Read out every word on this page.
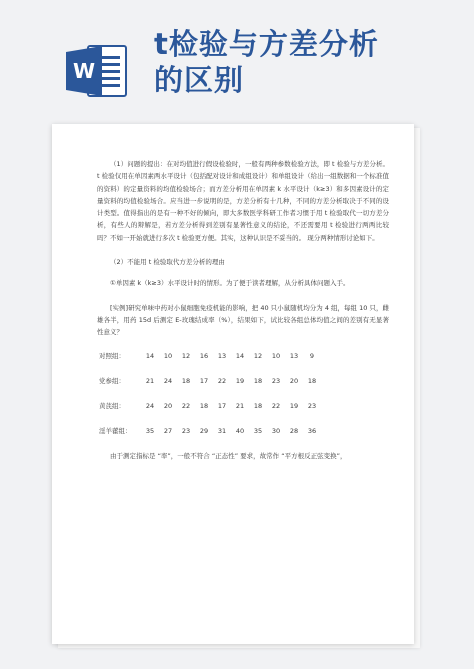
W
t检验与方差分析
的区别

（1）问题的提出：在对均值进行假设检验时，一般有两种参数检验方法，即 t 检验与方差分析。t 检验仅用在单因素两水平设计（包括配对设计和成组设计）和单组设计（给出一组数据和一个标准值的资料）的定量资料的均值检验场合；而方差分析用在单因素 k 水平设计（k≥3）和多因素设计的定量资料的均值检验场合。应当进一步说明的是，方差分析有十几种，不同的方差分析取决于不同的设计类型。值得指出的是有一种不好的倾向，即大多数医学科研工作者习惯于用 t 检验取代一切方差分析，有些人的辩解是，若方差分析得到差别有显著性意义的结论，不还需要用 t 检验进行两两比较吗？不如一开始就进行多次 t 检验更方便。其实，这种认识是不妥当的。 现分两种情形讨论如下。

（2）不能用 t 检验取代方差分析的理由

①单因素 k（k≥3）水平设计时的情形。为了便于读者理解，从分析具体问题入手。

[实例]研究单味中药对小鼠细胞免疫机能的影响，把 40 只小鼠随机均分为 4 组，每组 10 只，雌雄各半，用药 15d 后测定 E-玫瑰结成率（%），结果如下，试比较各组总体均值之间的差别有无显著性意义？

对照组：	14	10	12	16	13	14	12	10	13	9
党参组：	21	24	18	17	22	19	18	23	20	18
黄芪组：	24	20	22	18	17	21	18	22	19	23
淫羊藿组：	35	27	23	29	31	40	35	30	28	36

由于测定指标是 “率”，一般不符合 “正态性” 要求，故常作 “平方根反正弦变换”，
